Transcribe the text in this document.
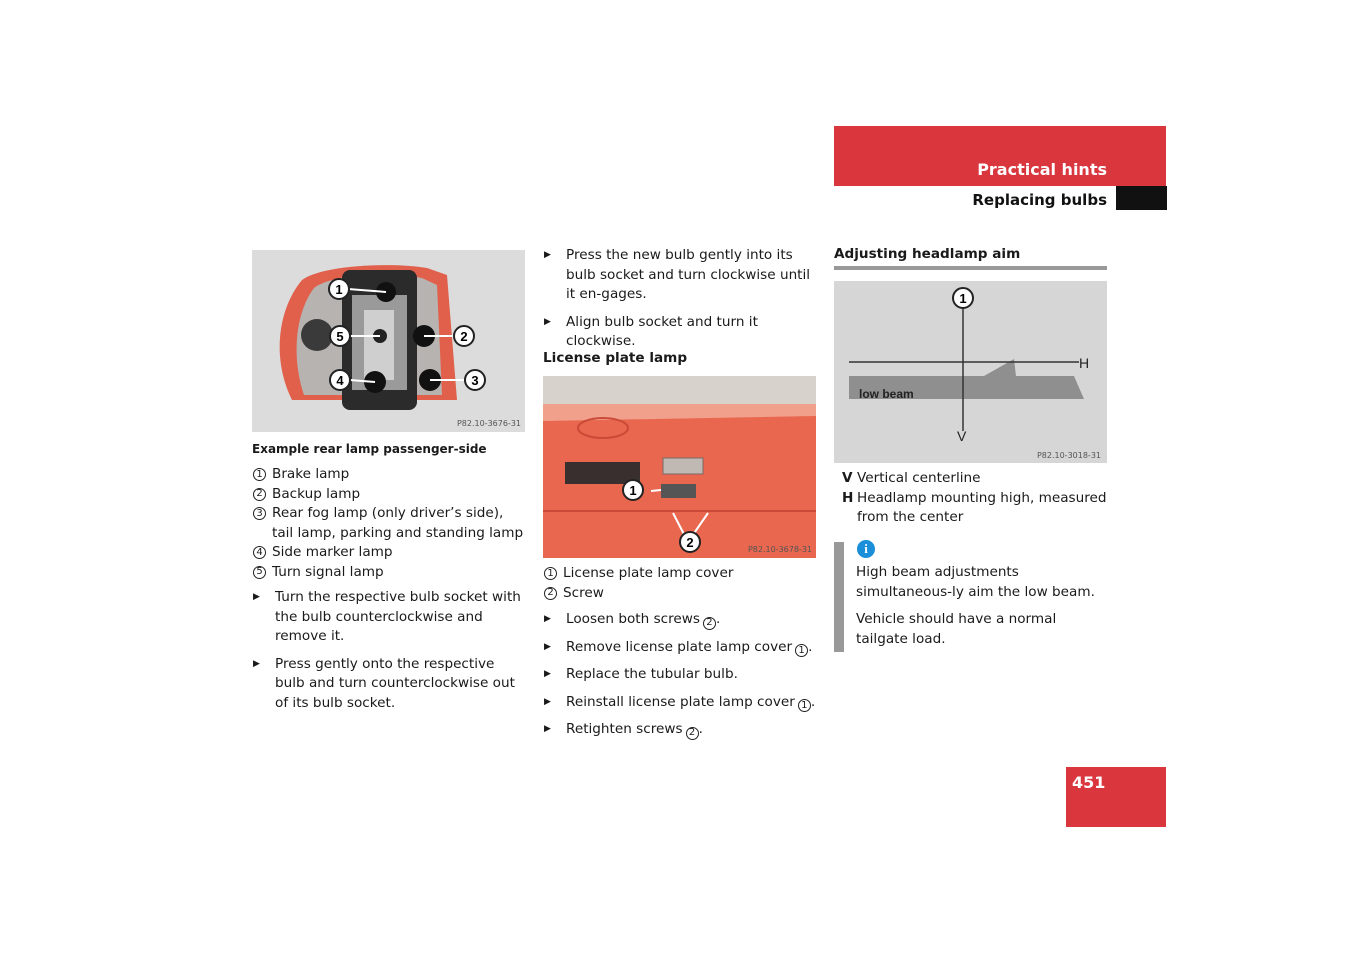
Practical hints
Replacing bulbs
451
1
2
3
4
5
P82.10-3676-31
Example rear lamp passenger-side
1 Brake lamp
2 Backup lamp
3 Rear fog lamp (only driver’s side), tail lamp, parking and standing lamp
4 Side marker lamp
5 Turn signal lamp
▶	Turn the respective bulb socket with the bulb counterclockwise and remove it.
▶	Press gently onto the respective bulb and turn counterclockwise out of its bulb socket.
▶	Press the new bulb gently into its bulb socket and turn clockwise until it en-gages.
▶	Align bulb socket and turn it clockwise.
License plate lamp
1
2	P82.10-3678-31
1 License plate lamp cover
2 Screw
▶	Loosen both screws 2 .
▶	Remove license plate lamp cover 1 .
▶	Replace the tubular bulb.
▶	Reinstall license plate lamp cover 1 .
▶	Retighten screws 2 .
Adjusting headlamp aim
1
H
V
low beam
P82.10-3018-31
V Vertical centerline
H Headlamp mounting high, measured from the center
i
High beam adjustments simultaneous-ly aim the low beam.
Vehicle should have a normal tailgate load.
